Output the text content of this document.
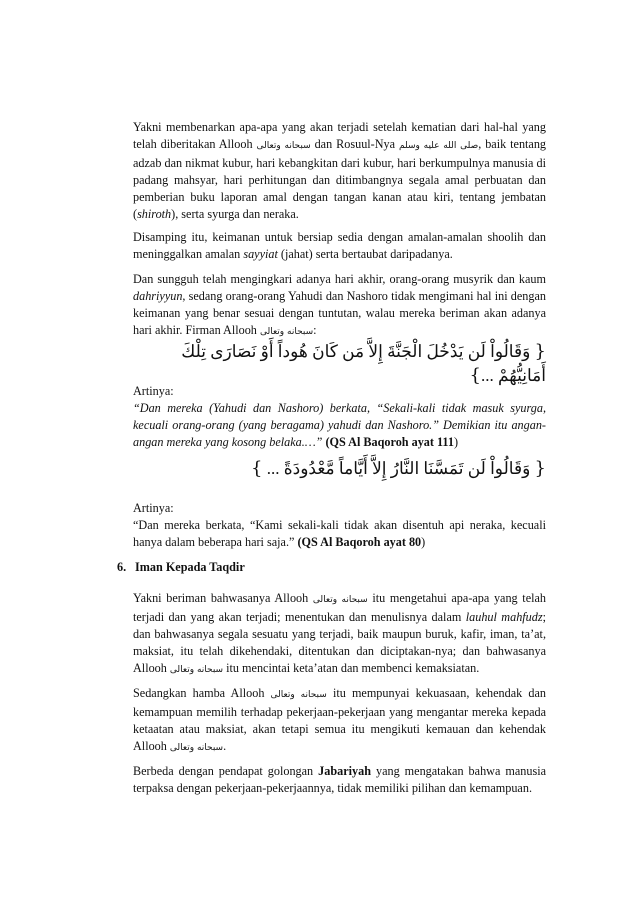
Yakni membenarkan apa-apa yang akan terjadi setelah kematian dari hal-hal yang telah diberitakan Allooh سبحانه وتعالى dan Rosuul-Nya صلى الله عليه وسلم, baik tentang adzab dan nikmat kubur, hari kebangkitan dari kubur, hari berkumpulnya manusia di padang mahsyar, hari perhitungan dan ditimbangnya segala amal perbuatan dan pemberian buku laporan amal dengan tangan kanan atau kiri, tentang jembatan (shiroth), serta syurga dan neraka.

Disamping itu, keimanan untuk bersiap sedia dengan amalan-amalan shoolih dan meninggalkan amalan sayyiat (jahat) serta bertaubat daripadanya.

Dan sungguh telah mengingkari adanya hari akhir, orang-orang musyrik dan kaum dahriyyun, sedang orang-orang Yahudi dan Nashoro tidak mengimani hal ini dengan keimanan yang benar sesuai dengan tuntutan, walau mereka beriman akan adanya hari akhir. Firman Allooh سبحانه وتعالى:

} وَقَالُواْ لَن يَدْخُلَ الْجَنَّةَ إِلاَّ مَن كَانَ هُوداً أَوْ نَصَارَى تِلْكَ أَمَانِيُّهُمْ ...{

Artinya:
“Dan mereka (Yahudi dan Nashoro) berkata, “Sekali-kali tidak masuk syurga, kecuali orang-orang (yang beragama) yahudi dan Nashoro.” Demikian itu angan-angan mereka yang kosong belaka.…” (QS Al Baqoroh ayat 111)

} وَقَالُواْ لَن تَمَسَّنَا النَّارُ إِلاَّ أَيَّاماً مَّعْدُودَةً ... {

Artinya:
“Dan mereka berkata, “Kami sekali-kali tidak akan disentuh api neraka, kecuali hanya dalam beberapa hari saja.” (QS Al Baqoroh ayat 80)

6. Iman Kepada Taqdir

Yakni beriman bahwasanya Allooh سبحانه وتعالى itu mengetahui apa-apa yang telah terjadi dan yang akan terjadi; menentukan dan menulisnya dalam lauhul mahfudz; dan bahwasanya segala sesuatu yang terjadi, baik maupun buruk, kafir, iman, ta’at, maksiat, itu telah dikehendaki, ditentukan dan diciptakan-nya; dan bahwasanya Allooh سبحانه وتعالى itu mencintai keta’atan dan membenci kemaksiatan.

Sedangkan hamba Allooh سبحانه وتعالى itu mempunyai kekuasaan, kehendak dan kemampuan memilih terhadap pekerjaan-pekerjaan yang mengantar mereka kepada ketaatan atau maksiat, akan tetapi semua itu mengikuti kemauan dan kehendak Allooh سبحانه وتعالى.

Berbeda dengan pendapat golongan Jabariyah yang mengatakan bahwa manusia terpaksa dengan pekerjaan-pekerjaannya, tidak memiliki pilihan dan kemampuan.
